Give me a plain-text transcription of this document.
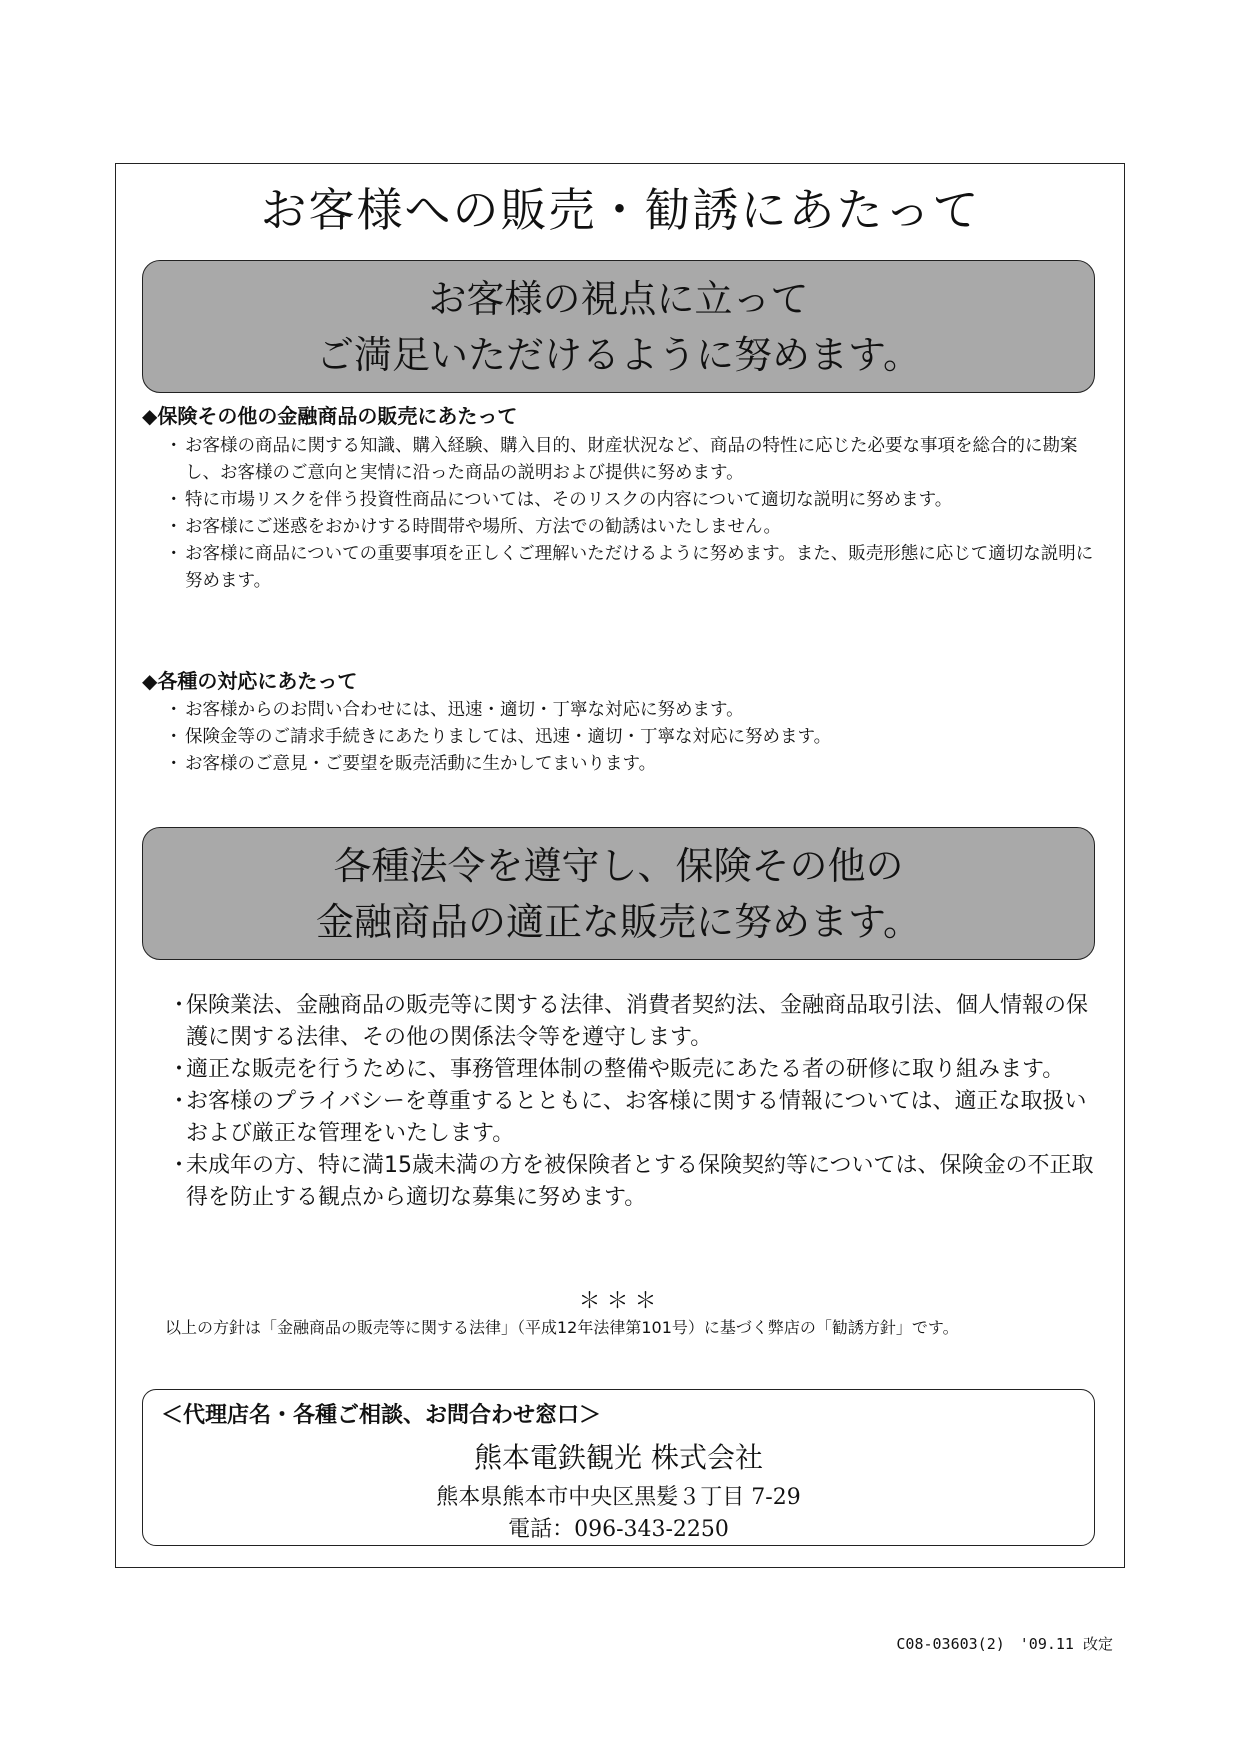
お客様への販売・勧誘にあたって
お客様の視点に立って
ご満足いただけるように努めます。
◆保険その他の金融商品の販売にあたって
・ お客様の商品に関する知識、購入経験、購入目的、財産状況など、商品の特性に応じた必要な事項を総合的に勘案し、お客様のご意向と実情に沿った商品の説明および提供に努めます。
・ 特に市場リスクを伴う投資性商品については、そのリスクの内容について適切な説明に努めます。
・ お客様にご迷惑をおかけする時間帯や場所、方法での勧誘はいたしません。
・ お客様に商品についての重要事項を正しくご理解いただけるように努めます。また、販売形態に応じて適切な説明に努めます。
◆各種の対応にあたって
・ お客様からのお問い合わせには、迅速・適切・丁寧な対応に努めます。
・ 保険金等のご請求手続きにあたりましては、迅速・適切・丁寧な対応に努めます。
・ お客様のご意見・ご要望を販売活動に生かしてまいります。
各種法令を遵守し、保険その他の
金融商品の適正な販売に努めます。
・
保険業法、金融商品の販売等に関する法律、消費者契約法、金融商品取引法、個人情報の保護に関する法律、その他の関係法令等を遵守します。
・
適正な販売を行うために、事務管理体制の整備や販売にあたる者の研修に取り組みます。
・
お客様のプライバシーを尊重するとともに、お客様に関する情報については、適正な取扱いおよび厳正な管理をいたします。
・
未成年の方、特に満15歳未満の方を被保険者とする保険契約等については、保険金の不正取得を防止する観点から適切な募集に努めます。
＊＊＊
以上の方針は「金融商品の販売等に関する法律」（平成12年法律第101号）に基づく弊店の「勧誘方針」です。
＜代理店名・各種ご相談、お問合わせ窓口＞
熊本電鉄観光 株式会社
熊本県熊本市中央区黒髪３丁目 7-29
電話：096-343-2250
C08-03603(2)　'09.11 改定
